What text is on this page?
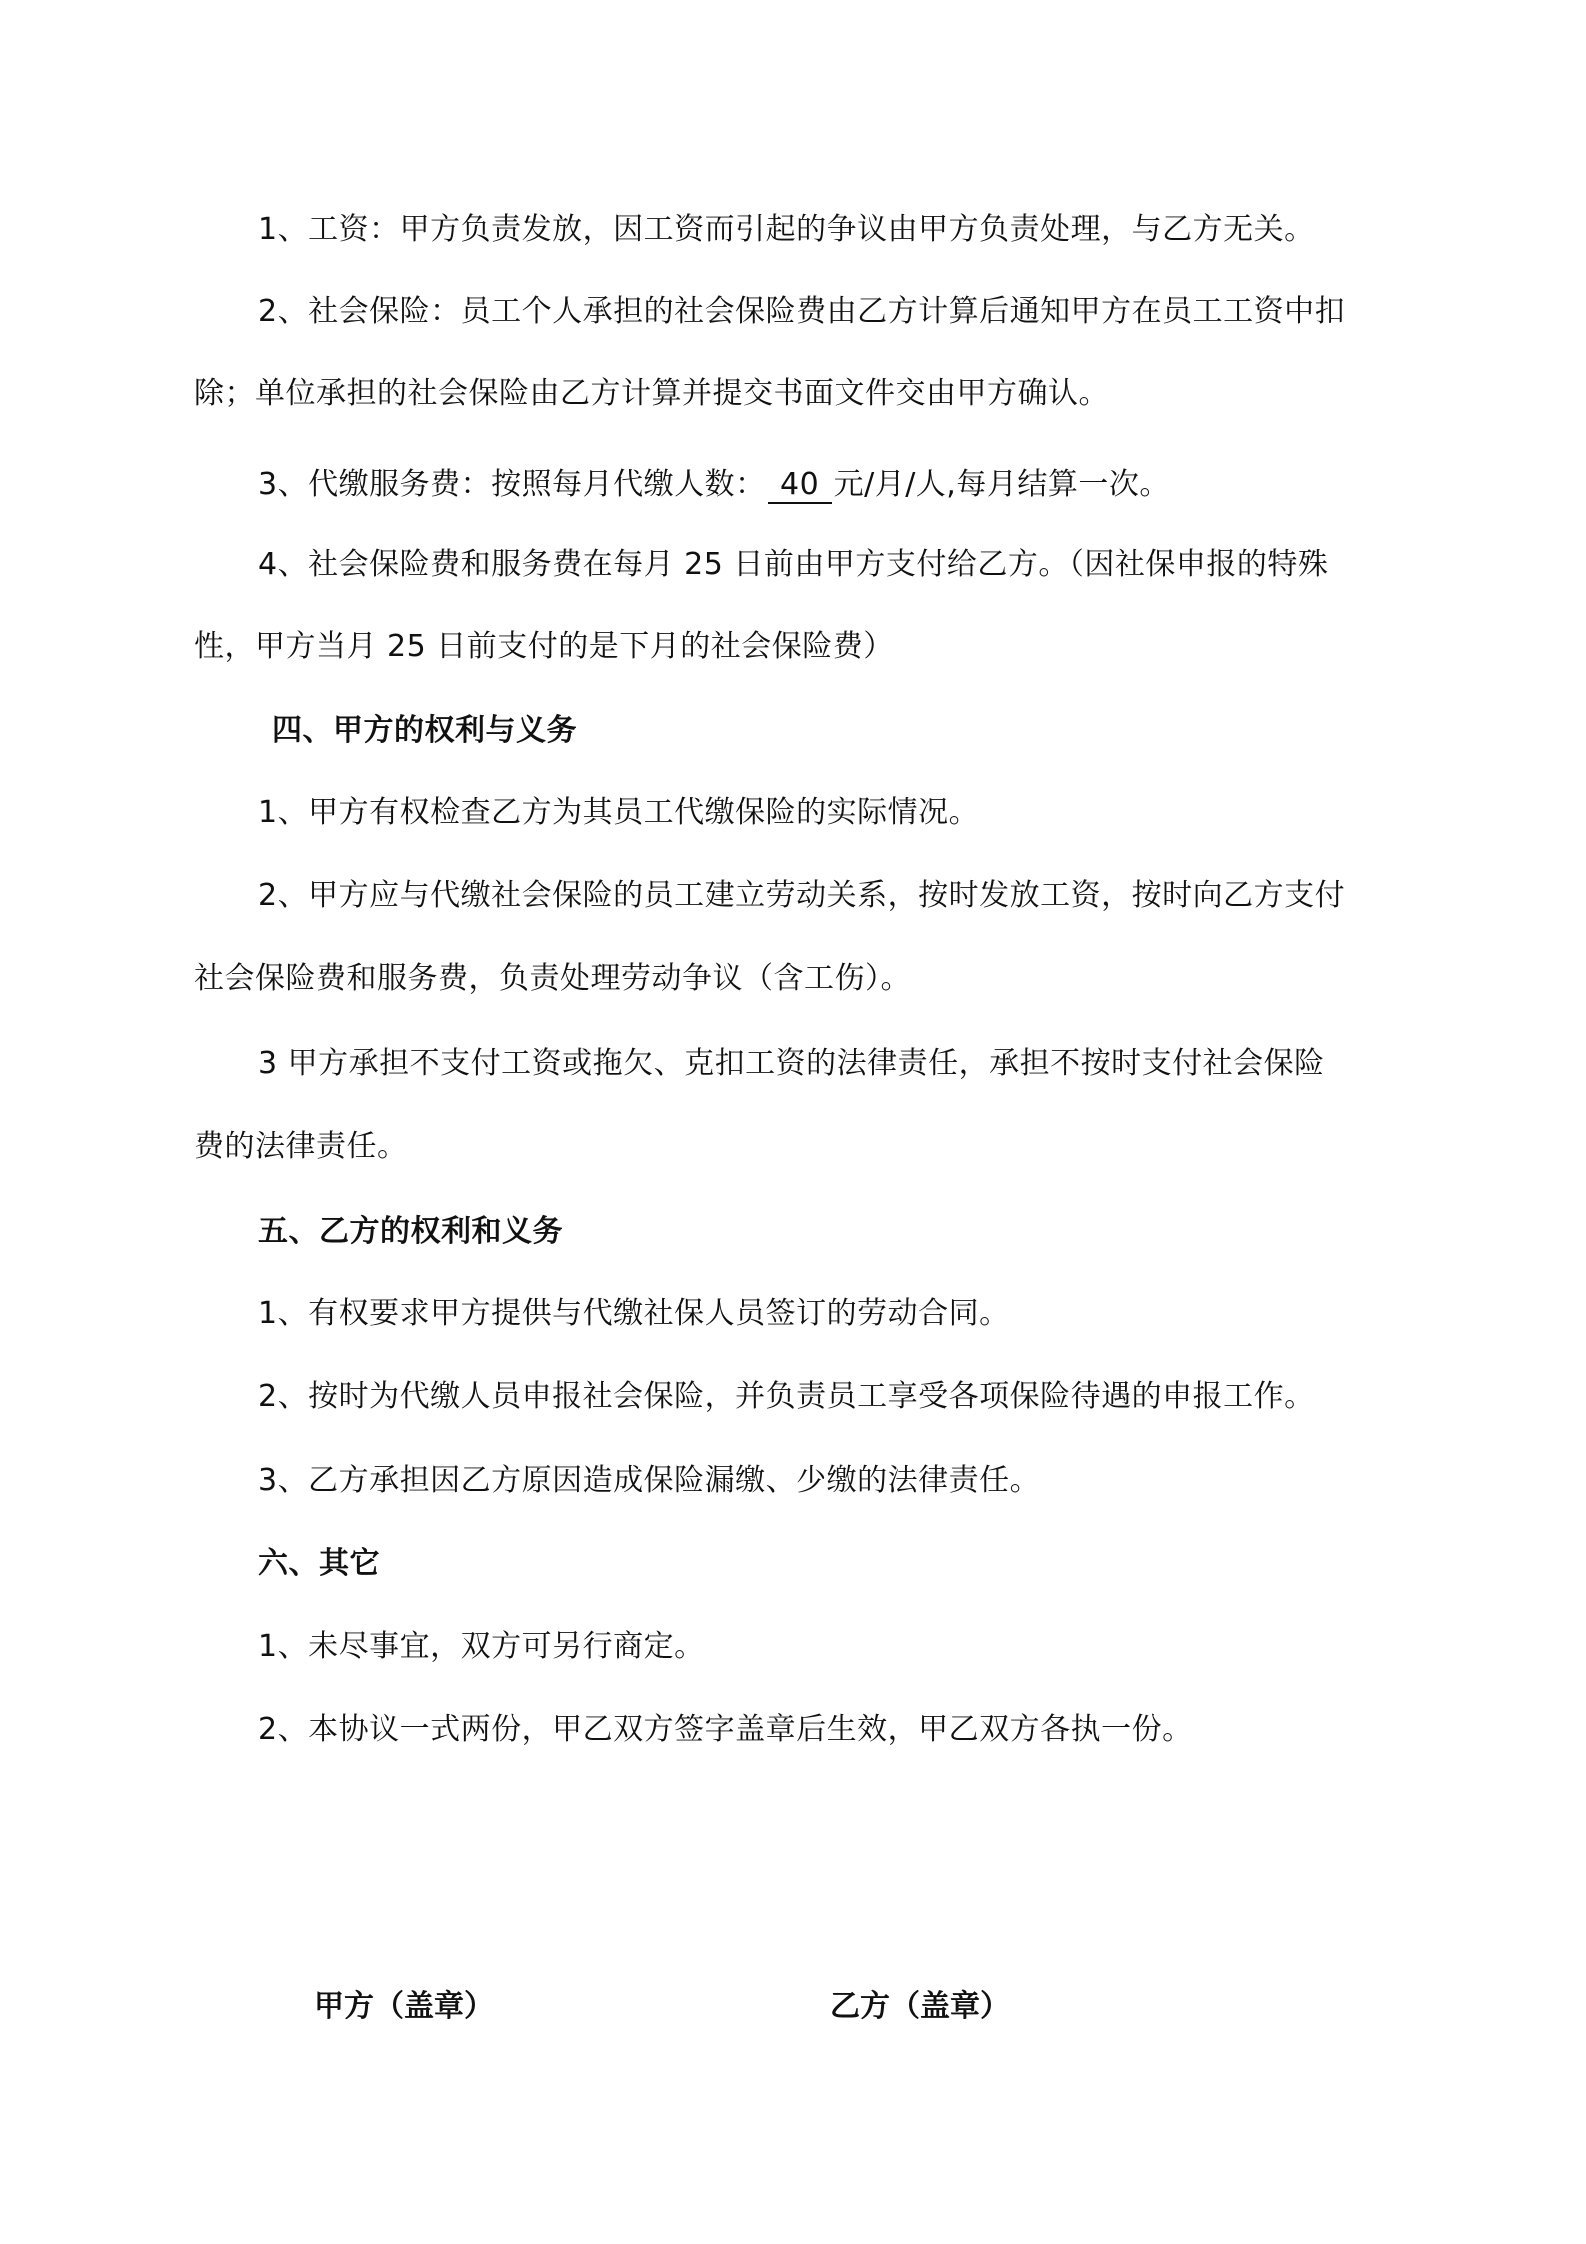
1、工资：甲方负责发放，因工资而引起的争议由甲方负责处理，与乙方无关。
2、社会保险：员工个人承担的社会保险费由乙方计算后通知甲方在员工工资中扣
除；单位承担的社会保险由乙方计算并提交书面文件交由甲方确认。
3、代缴服务费：按照每月代缴人数： 40 元/月/人,每月结算一次。
4、社会保险费和服务费在每月 25 日前由甲方支付给乙方。（因社保申报的特殊
性，甲方当月 25 日前支付的是下月的社会保险费）
四、甲方的权利与义务
1、甲方有权检查乙方为其员工代缴保险的实际情况。
2、甲方应与代缴社会保险的员工建立劳动关系，按时发放工资，按时向乙方支付
社会保险费和服务费，负责处理劳动争议（含工伤）。
3 甲方承担不支付工资或拖欠、克扣工资的法律责任，承担不按时支付社会保险
费的法律责任。
五、乙方的权利和义务
1、有权要求甲方提供与代缴社保人员签订的劳动合同。
2、按时为代缴人员申报社会保险，并负责员工享受各项保险待遇的申报工作。
3、乙方承担因乙方原因造成保险漏缴、少缴的法律责任。
六、其它
1、未尽事宜，双方可另行商定。
2、本协议一式两份，甲乙双方签字盖章后生效，甲乙双方各执一份。
甲方（盖章）	乙方（盖章）
